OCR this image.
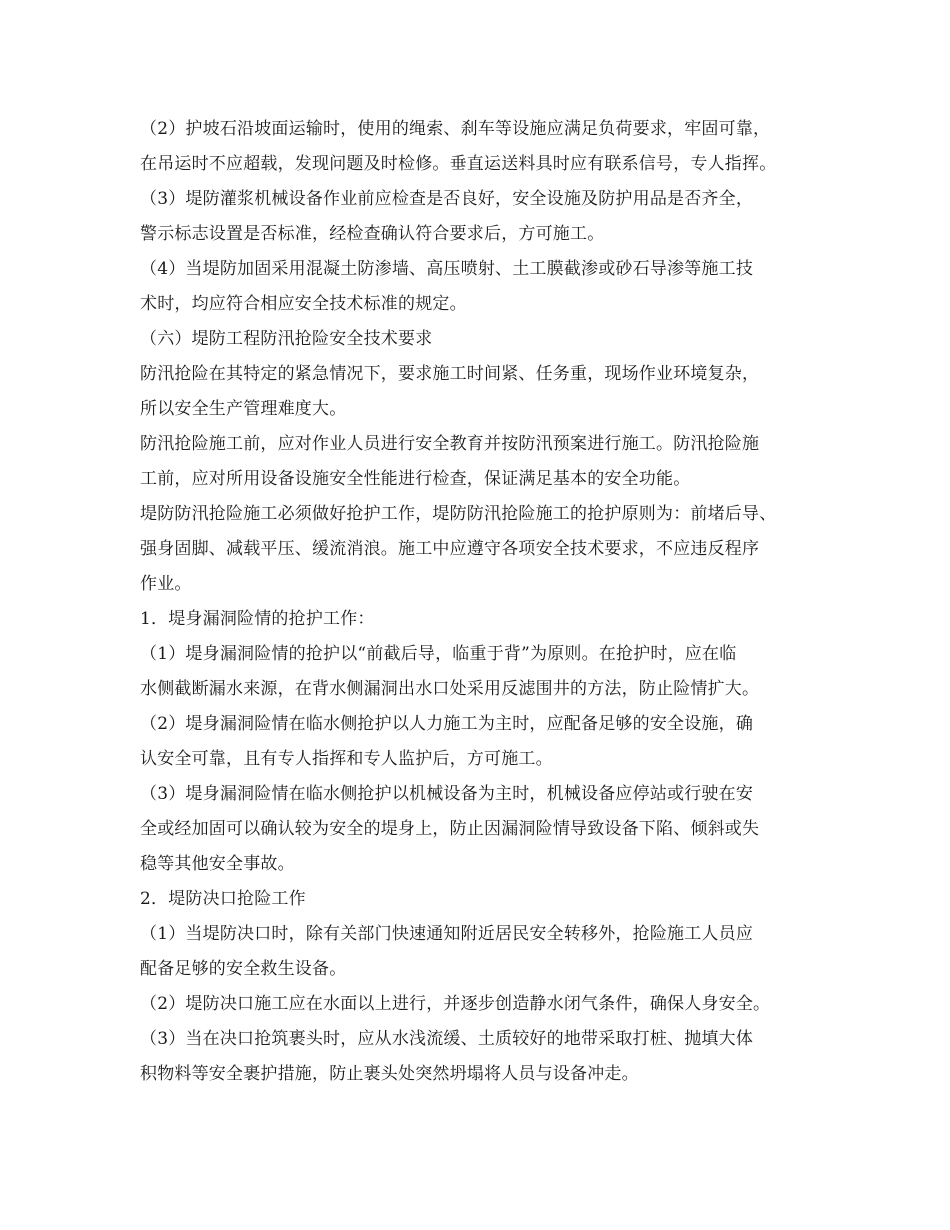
（2）护坡石沿坡面运输时，使用的绳索、刹车等设施应满足负荷要求，牢固可靠，
在吊运时不应超载，发现问题及时检修。垂直运送料具时应有联系信号，专人指挥。
（3）堤防灌浆机械设备作业前应检查是否良好，安全设施及防护用品是否齐全，
警示标志设置是否标准，经检查确认符合要求后，方可施工。
（4）当堤防加固采用混凝土防渗墙、高压喷射、土工膜截渗或砂石导渗等施工技
术时，均应符合相应安全技术标准的规定。
（六）堤防工程防汛抢险安全技术要求
防汛抢险在其特定的紧急情况下，要求施工时间紧、任务重，现场作业环境复杂，
所以安全生产管理难度大。
防汛抢险施工前，应对作业人员进行安全教育并按防汛预案进行施工。防汛抢险施
工前，应对所用设备设施安全性能进行检查，保证满足基本的安全功能。
堤防防汛抢险施工必须做好抢护工作，堤防防汛抢险施工的抢护原则为：前堵后导、
强身固脚、减载平压、缓流消浪。施工中应遵守各项安全技术要求，不应违反程序
作业。
1．堤身漏洞险情的抢护工作：
（1）堤身漏洞险情的抢护以“前截后导，临重于背”为原则。在抢护时，应在临
水侧截断漏水来源，在背水侧漏洞出水口处采用反滤围井的方法，防止险情扩大。
（2）堤身漏洞险情在临水侧抢护以人力施工为主时，应配备足够的安全设施，确
认安全可靠，且有专人指挥和专人监护后，方可施工。
（3）堤身漏洞险情在临水侧抢护以机械设备为主时，机械设备应停站或行驶在安
全或经加固可以确认较为安全的堤身上，防止因漏洞险情导致设备下陷、倾斜或失
稳等其他安全事故。
2．堤防决口抢险工作
（1）当堤防决口时，除有关部门快速通知附近居民安全转移外，抢险施工人员应
配备足够的安全救生设备。
（2）堤防决口施工应在水面以上进行，并逐步创造静水闭气条件，确保人身安全。
（3）当在决口抢筑裹头时，应从水浅流缓、土质较好的地带采取打桩、抛填大体
积物料等安全裹护措施，防止裹头处突然坍塌将人员与设备冲走。
